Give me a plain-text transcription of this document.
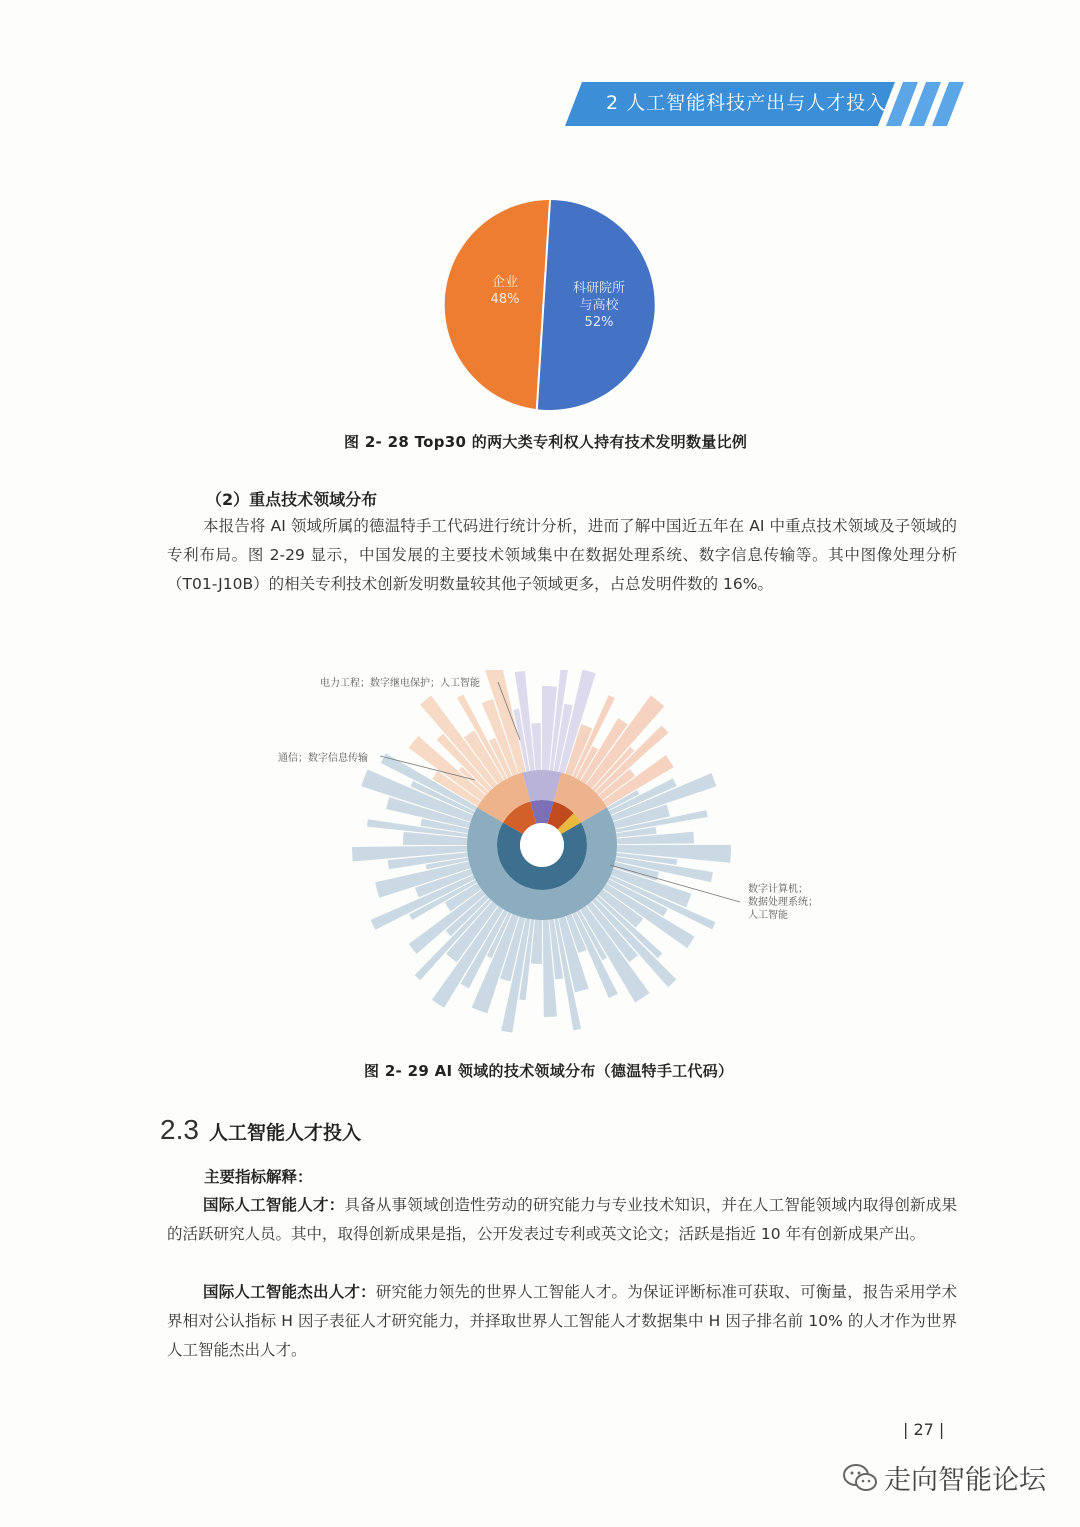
2 人工智能科技产出与人才投入
科研院所
与高校
52%
企业
48%
图 2- 28 Top30 的两大类专利权人持有技术发明数量比例
（2）重点技术领域分布

本报告将 AI 领域所属的德温特手工代码进行统计分析，进而了解中国近五年在 AI 中重点技术领域及子领域的专利布局。图 2-29 显示，中国发展的主要技术领域集中在数据处理系统、数字信息传输等。其中图像处理分析（T01-J10B）的相关专利技术创新发明数量较其他子领域更多，占总发明件数的 16%。

电力工程；数字继电保护；人工智能
通信；数字信息传输
数字计算机；
数据处理系统；
人工智能
图 2- 29 AI 领域的技术领域分布（德温特手工代码）
2.3 人工智能人才投入
主要指标解释：

国际人工智能人才：具备从事领域创造性劳动的研究能力与专业技术知识，并在人工智能领域内取得创新成果的活跃研究人员。其中，取得创新成果是指，公开发表过专利或英文论文；活跃是指近 10 年有创新成果产出。

国际人工智能杰出人才：研究能力领先的世界人工智能人才。为保证评断标准可获取、可衡量，报告采用学术界相对公认指标 H 因子表征人才研究能力，并择取世界人工智能人才数据集中 H 因子排名前 10% 的人才作为世界人工智能杰出人才。

| 27 |
走向智能论坛
